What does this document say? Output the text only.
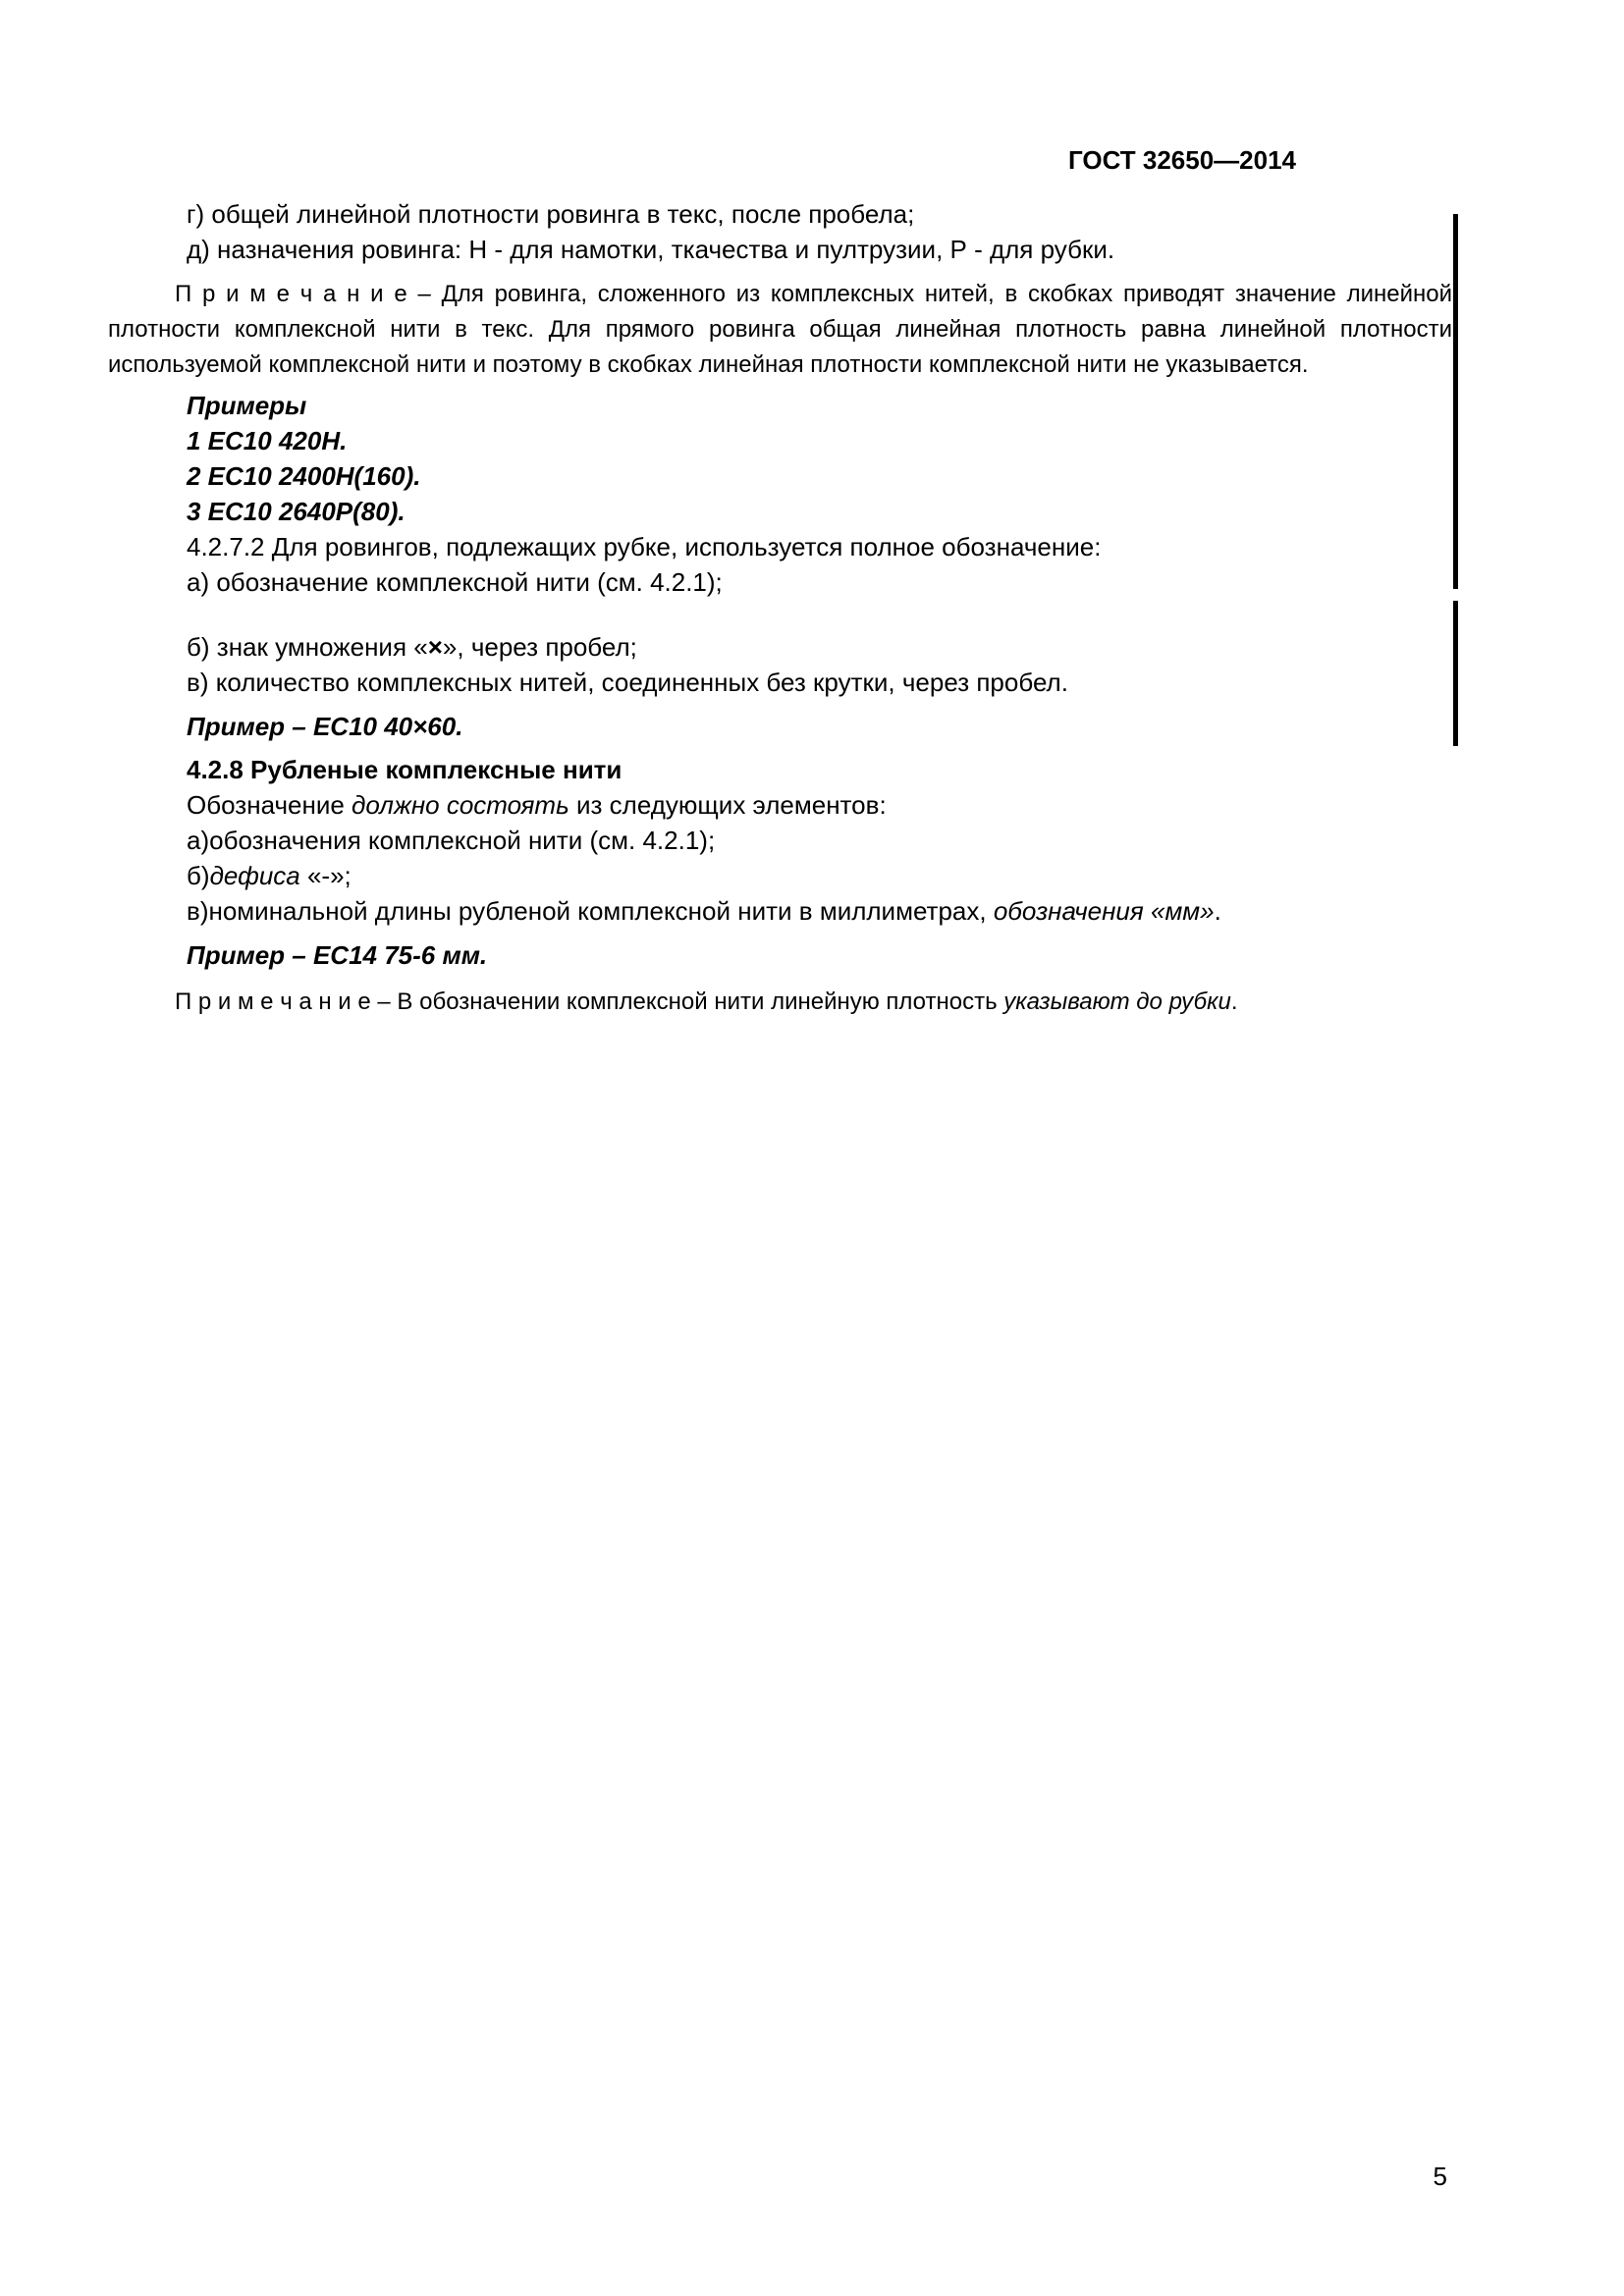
ГОСТ 32650—2014

г) общей линейной плотности ровинга в текс, после пробела;

д) назначения ровинга: Н - для намотки, ткачества и пултрузии, Р - для рубки.

П р и м е ч а н и е – Для ровинга, сложенного из комплексных нитей, в скобках приводят значение линейной плотности комплексной нити в текс. Для прямого ровинга общая линейная плотность равна линейной плотности используемой комплексной нити и поэтому в скобках линейная плотности комплексной нити не указывается.

Примеры

1 ЕС10 420Н.

2 ЕС10 2400Н(160).

3 ЕС10 2640Р(80).

4.2.7.2 Для ровингов, подлежащих рубке, используется полное обозначение:

а) обозначение комплексной нити (см. 4.2.1);

б) знак умножения «×», через пробел;

в) количество комплексных нитей, соединенных без крутки, через пробел.

Пример – ЕС10 40×60.

4.2.8 Рубленые комплексные нити

Обозначение должно состоять из следующих элементов:

а)обозначения комплексной нити (см. 4.2.1);

б)дефиса «-»;

в)номинальной длины рубленой комплексной нити в миллиметрах, обозначения «мм».

Пример – ЕС14 75-6 мм.

П р и м е ч а н и е – В обозначении комплексной нити линейную плотность указывают до рубки.

5
